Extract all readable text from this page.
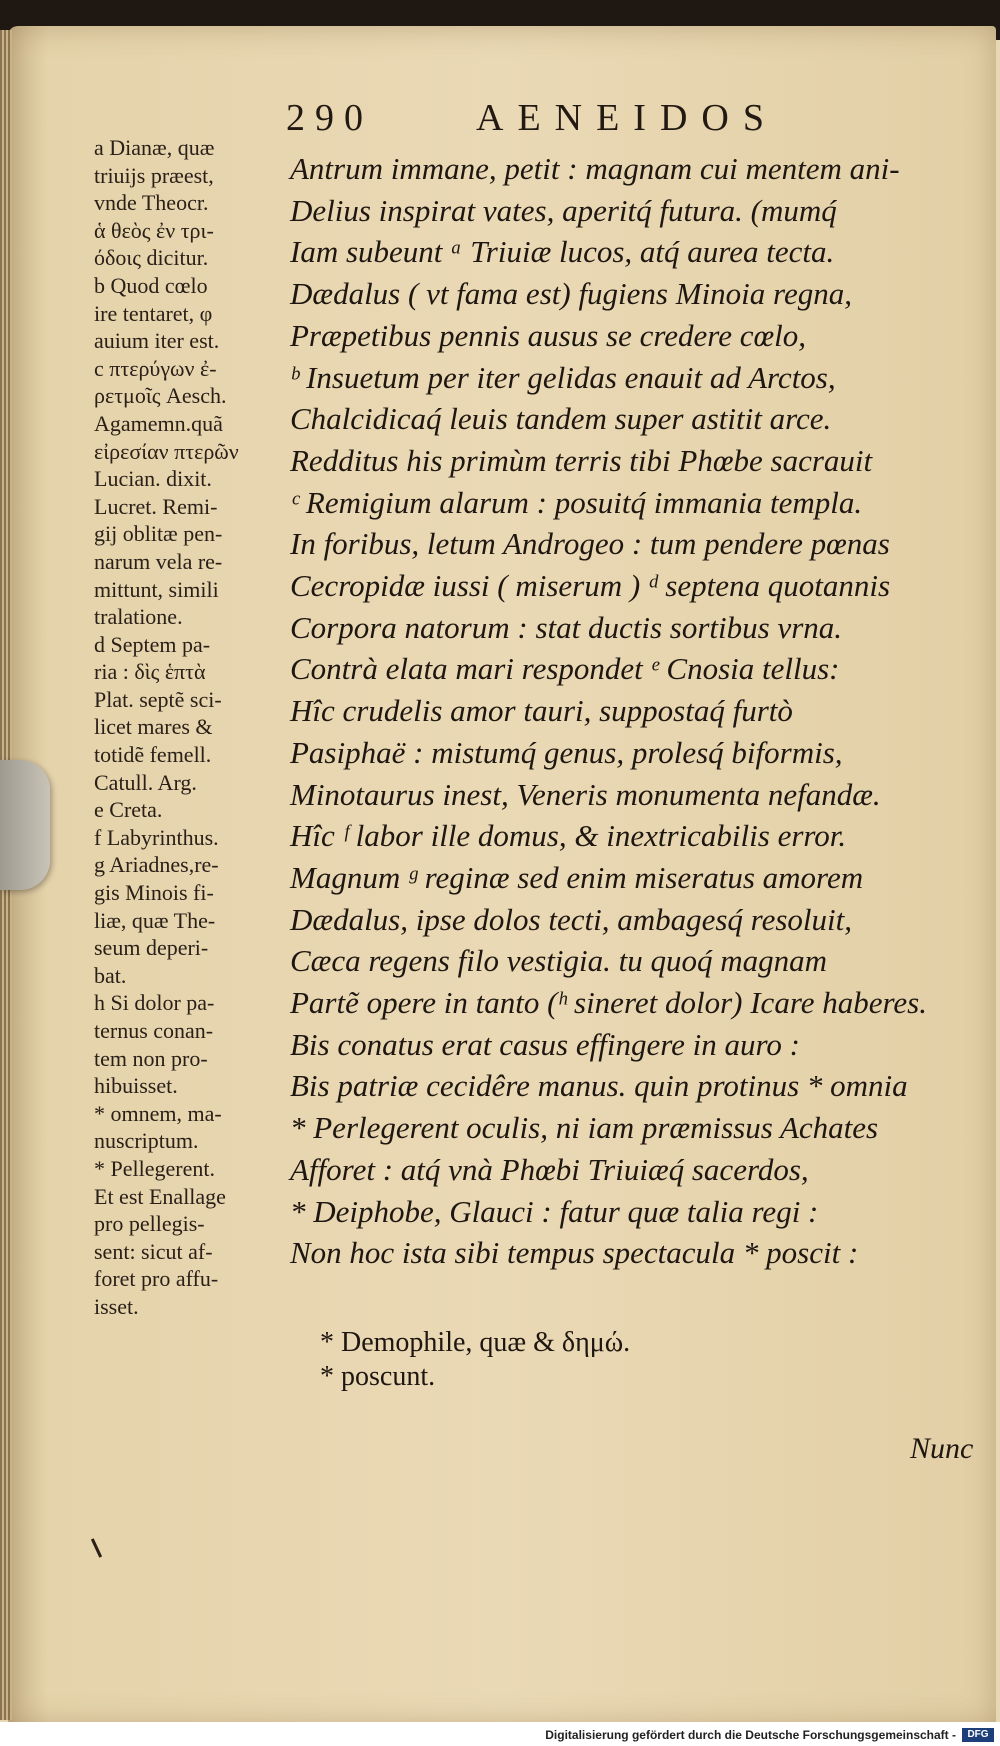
290	AENEIDOS
a Dianæ, quæ
triuijs præest,
vnde Theocr.
ἁ θεὸς ἐν τρι-
όδοις dicitur.
b Quod cœlo
ire tentaret, φ
auium iter est.
c πτερύγων ἐ-
ρετμοῖς Aesch.
Agamemn.quã
εἰρεσίαν πτερῶν
Lucian. dixit.
Lucret. Remi-
gij oblitæ pen-
narum vela re-
mittunt, simili
tralatione.
d Septem pa-
ria : δὶς ἑπτὰ
Plat. septẽ sci-
licet mares &
totidẽ femell.
Catull. Arg.
e Creta.
f Labyrinthus.
g Ariadnes,re-
gis Minois fi-
liæ, quæ The-
seum deperi-
bat.
h Si dolor pa-
ternus conan-
tem non pro-
hibuisset.
* omnem, ma-
nuscriptum.
* Pellegerent.
Et est Enallage
pro pellegis-
sent: sicut af-
foret pro affu-
isset.
Antrum immane, petit : magnam cui mentem ani-
Delius inspirat vates, aperitq́ futura. (mumq́
Iam subeunt ᵃ Triuiæ lucos, atq́ aurea tecta.
Dædalus ( vt fama est) fugiens Minoia regna,
Præpetibus pennis ausus se credere cœlo,
ᵇ Insuetum per iter gelidas enauit ad Arctos,
Chalcidicaq́ leuis tandem super astitit arce.
Redditus his primùm terris tibi Phœbe sacrauit
ᶜ Remigium alarum : posuitq́ immania templa.
In foribus, letum Androgeo : tum pendere pœnas
Cecropidæ iussi ( miserum ) ᵈ septena quotannis
Corpora natorum : stat ductis sortibus vrna.
Contrà elata mari respondet ᵉ Cnosia tellus:
Hîc crudelis amor tauri, suppostaq́ furtò
Pasiphaë : mistumq́ genus, prolesq́ biformis,
Minotaurus inest, Veneris monumenta nefandæ.
Hîc ᶠ labor ille domus, & inextricabilis error.
Magnum ᵍ reginæ sed enim miseratus amorem
Dædalus, ipse dolos tecti, ambagesq́ resoluit,
Cæca regens filo vestigia. tu quoq́ magnam
Partẽ opere in tanto (ʰ sineret dolor) Icare haberes.
Bis conatus erat casus effingere in auro :
Bis patriæ cecidêre manus. quin protinus * omnia
* Perlegerent oculis, ni iam præmissus Achates
Afforet : atq́ vnà Phœbi Triuiæq́ sacerdos,
* Deiphobe, Glauci : fatur quæ talia regi :
Non hoc ista sibi tempus spectacula * poscit :
* Demophile, quæ & δημώ.
* poscunt.
Nunc
Digitalisierung gefördert durch die Deutsche Forschungsgemeinschaft -	DFG
